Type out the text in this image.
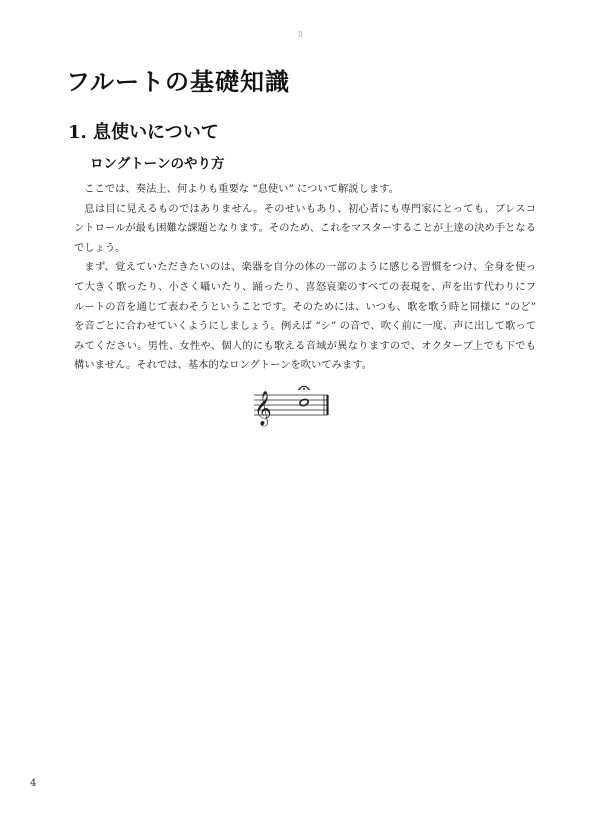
¦¦
フルートの基礎知識
1. 息使いについて
ロングトーンのやり方

ここでは、奏法上、何よりも重要な “息使い” について解説します。

息は目に見えるものではありません。そのせいもあり、初心者にも専門家にとっても、ブレスコントロールが最も困難な課題となります。そのため、これをマスターすることが上達の決め手となるでしょう。

まず、覚えていただきたいのは、楽器を自分の体の一部のように感じる習慣をつけ、全身を使って大きく歌ったり、小さく囁いたり、踊ったり、喜怒哀楽のすべての表現を、声を出す代わりにフルートの音を通じて表わそうということです。そのためには、いつも、歌を歌う時と同様に “のど” を音ごとに合わせていくようにしましょう。例えば “シ” の音で、吹く前に一度、声に出して歌ってみてください。男性、女性や、個人的にも歌える音域が異なりますので、オクターブ上でも下でも構いません。それでは、基本的なロングトーンを吹いてみます。

𝄞
4
